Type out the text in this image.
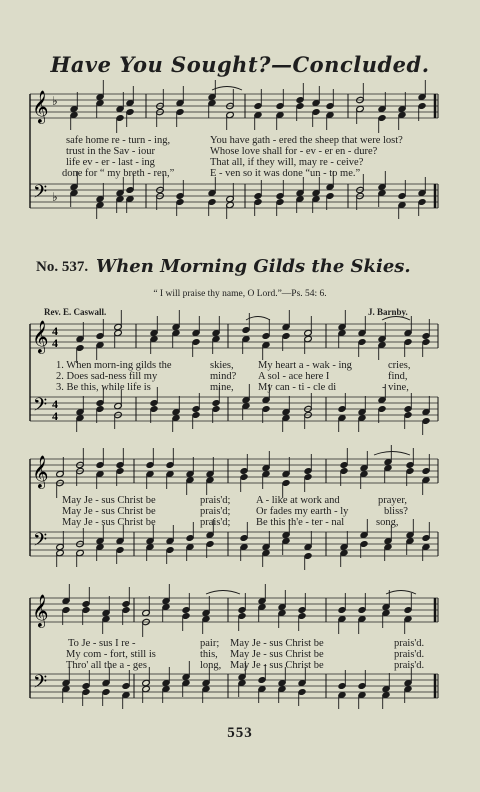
Have You Sought?—Concluded.
𝄞
𝄢
♭
♭

safe home re - turn - ing,

	You have gath - ered the sheep that were lost?

trust in the Sav - iour

	Whose love shall for - ev - er en - dure?

life ev - er - last - ing

	That all, if they will, may re - ceive?

done for “ my breth - ren,”

	E - ven so it was done “un - to me.”

No. 537. When Morning Gilds the Skies.
“ I will praise thy name, O Lord.”—Ps. 54: 6.
Rev. E. Caswall.	J. Barnby.
𝄞
𝄢
4
4
4
4

1. When morn-ing gilds the

	skies,

My heart a - wak - ing

	cries,

2. Does sad-ness fill my

	mind?

A sol - ace here I

	find,

3. Be this, while life is

	mine,

My can - ti - cle di

	- vine,

𝄞
𝄢

May Je - sus Christ be

	prais'd;

A - like at work and

	prayer,

May Je - sus Christ be

	prais'd;

Or fades my earth - ly

	bliss?

May Je - sus Christ be

	prais'd;

Be this th'e - ter - nal

	song,

𝄞
𝄢

To Je - sus I re -

	pair;

May Je - sus Christ be

	prais'd.

My com - fort, still is

	this,

May Je - sus Christ be

	prais'd.

Thro' all the a - ges

	long,

May Je - sus Christ be

	prais'd.

553
